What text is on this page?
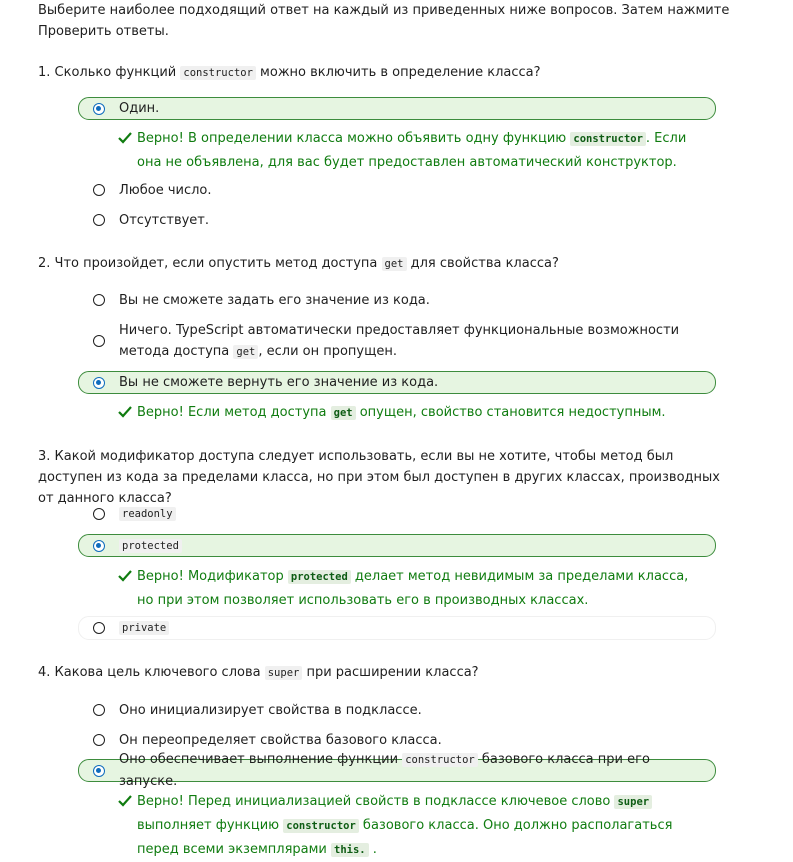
Выберите наиболее подходящий ответ на каждый из приведенных ниже вопросов. Затем нажмите Проверить ответы.
1. Сколько функций constructor можно включить в определение класса?
Один.
Верно! В определении класса можно объявить одну функцию constructor . Если она не объявлена, для вас будет предоставлен автоматический конструктор.
Любое число.
Отсутствует.
2. Что произойдет, если опустить метод доступа get для свойства класса?
Вы не сможете задать его значение из кода.
Ничего. TypeScript автоматически предоставляет функциональные возможности метода доступа get , если он пропущен.
Вы не сможете вернуть его значение из кода.
Верно! Если метод доступа get опущен, свойство становится недоступным.
3. Какой модификатор доступа следует использовать, если вы не хотите, чтобы метод был доступен из кода за пределами класса, но при этом был доступен в других классах, производных от данного класса?
readonly
protected
Верно! Модификатор protected делает метод невидимым за пределами класса, но при этом позволяет использовать его в производных классах.
private
4. Какова цель ключевого слова super при расширении класса?
Оно инициализирует свойства в подклассе.
Он переопределяет свойства базового класса.
Оно обеспечивает выполнение функции constructor базового класса при его запуске.
Верно! Перед инициализацией свойств в подклассе ключевое слово super выполняет функцию constructor базового класса. Оно должно располагаться перед всеми экземплярами this. .
